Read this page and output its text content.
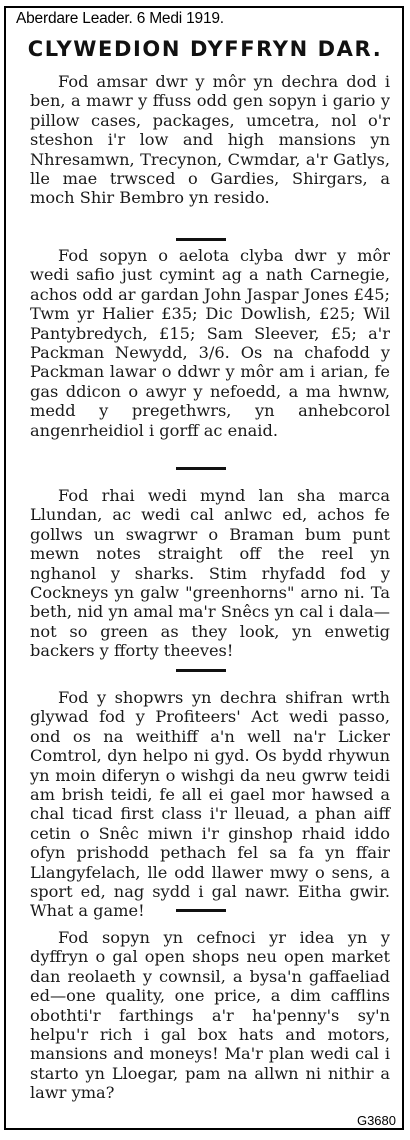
Aberdare Leader. 6 Medi 1919.
CLYWEDION DYFFRYN DAR.

Fod amsar dwr y môr yn dechra dod i ben, a mawr y ffuss odd gen sopyn i gario y pillow cases, packages, umcetra, nol o'r steshon i'r low and high mansions yn Nhresamwn, Trecynon, Cwmdar, a'r Gatlys, lle mae trwsced o Gardies, Shirgars, a moch Shir Bembro yn resido.

Fod sopyn o aelota clyba dwr y môr wedi safio just cymint ag a nath Carnegie, achos odd ar gardan John Jaspar Jones £45; Twm yr Halier £35; Dic Dowlish, £25; Wil Pantybredych, £15; Sam Sleever, £5; a'r Packman Newydd, 3/6. Os na chafodd y Packman lawar o ddwr y môr am i arian, fe gas ddicon o awyr y nefoedd, a ma hwnw, medd y pregethwrs, yn anhebcorol angenrheidiol i gorff ac enaid.

Fod rhai wedi mynd lan sha marca Llundan, ac wedi cal anlwc ed, achos fe gollws un swagrwr o Braman bum punt mewn notes straight off the reel yn nghanol y sharks. Stim rhyfadd fod y Cockneys yn galw "greenhorns" arno ni. Ta beth, nid yn amal ma'r Snêcs yn cal i dala—not so green as they look, yn enwetig backers y fforty theeves!

Fod y shopwrs yn dechra shifran wrth glywad fod y Profiteers' Act wedi passo, ond os na weithiff a'n well na'r Licker Comtrol, dyn helpo ni gyd. Os bydd rhywun yn moin diferyn o wishgi da neu gwrw teidi am brish teidi, fe all ei gael mor hawsed a chal ticad first class i'r lleuad, a phan aiff cetin o Snêc miwn i'r ginshop rhaid iddo ofyn prishodd pethach fel sa fa yn ffair Llangyfelach, lle odd llawer mwy o sens, a sport ed, nag sydd i gal nawr. Eitha gwir. What a game!

Fod sopyn yn cefnoci yr idea yn y dyffryn o gal open shops neu open market dan reolaeth y cownsil, a bysa'n gaffaeliad ed—one quality, one price, a dim cafflins obothti'r farthings a'r ha'penny's sy'n helpu'r rich i gal box hats and motors, mansions and moneys! Ma'r plan wedi cal i starto yn Lloegar, pam na allwn ni nithir a lawr yma?

G3680
